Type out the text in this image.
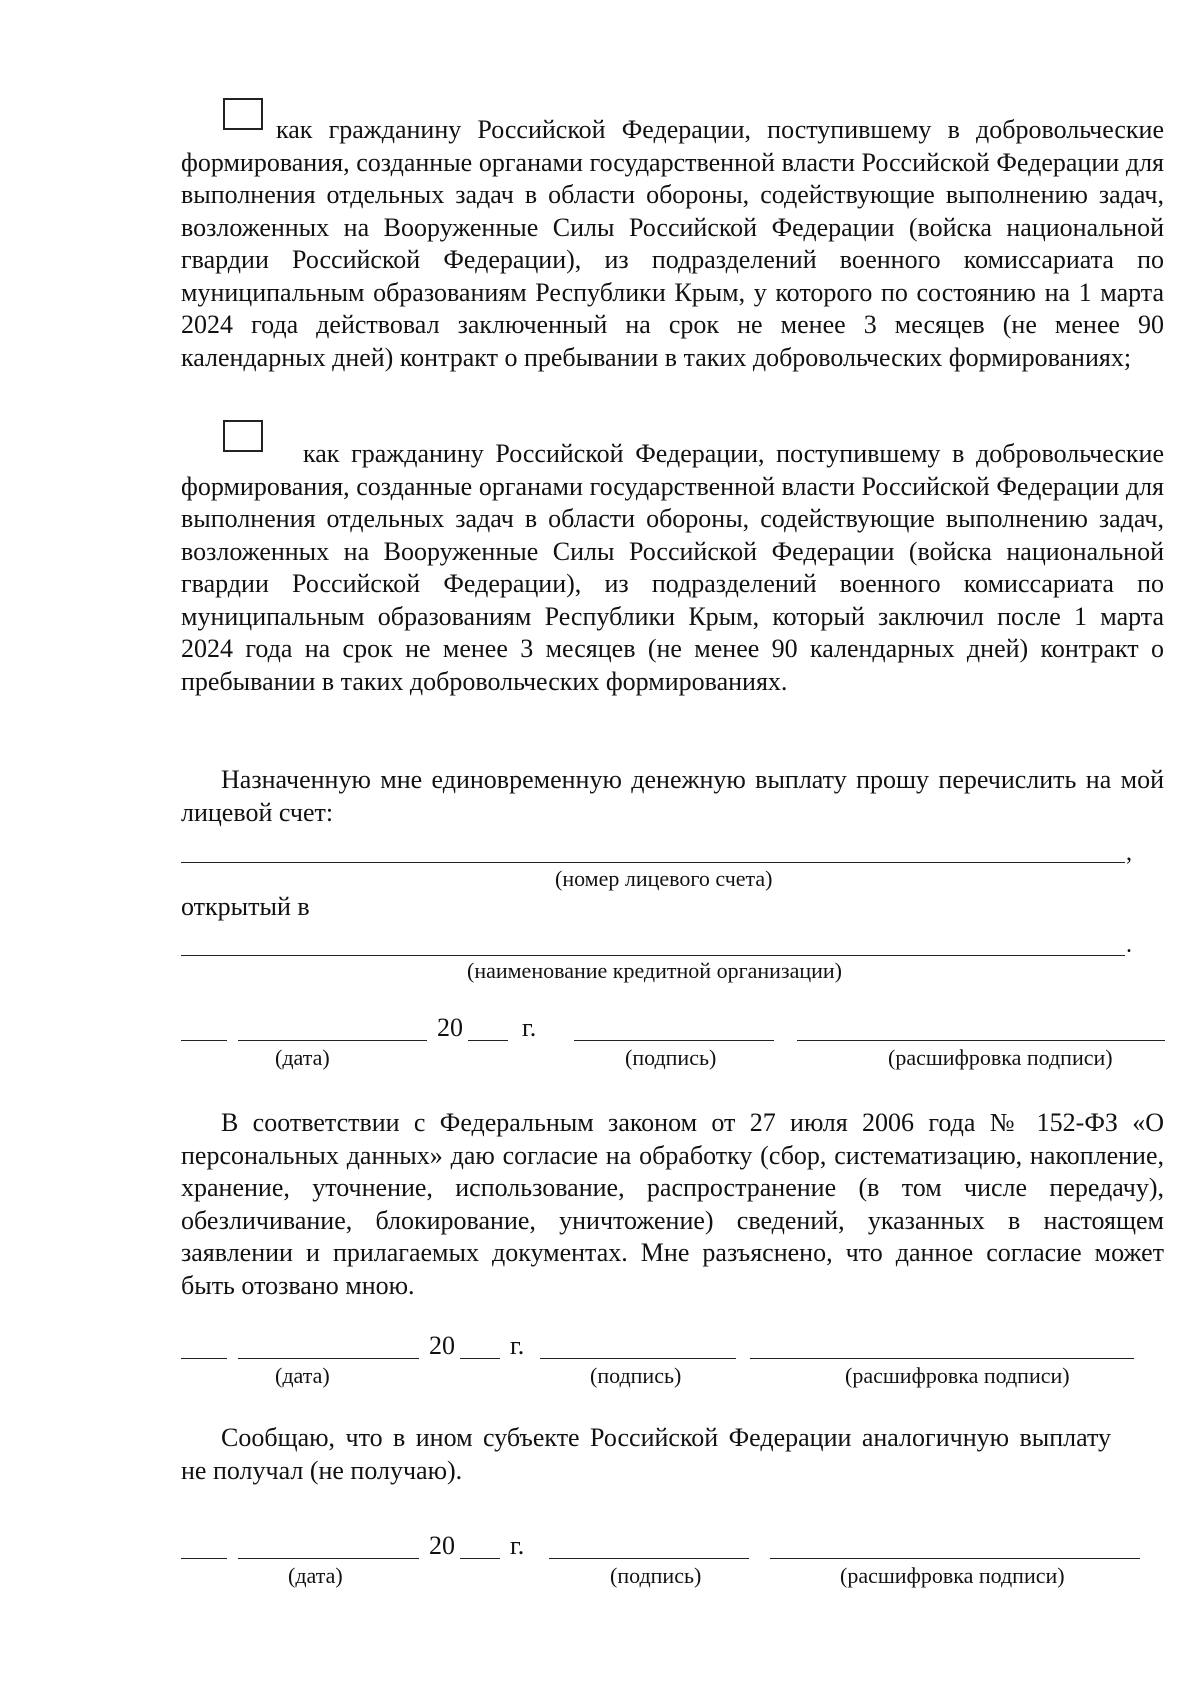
как гражданину Российской Федерации, поступившему в добровольческие формирования, созданные органами государственной власти Российской Федерации для выполнения отдельных задач в области обороны, содействующие выполнению задач, возложенных на Вооруженные Силы Российской Федерации (войска национальной гвардии Российской Федерации), из подразделений военного комиссариата по муниципальным образованиям Республики Крым, у которого по состоянию на 1 марта 2024 года действовал заключенный на срок не менее 3 месяцев (не менее 90 календарных дней) контракт о пребывании в таких добровольческих формированиях;
как гражданину Российской Федерации, поступившему в добровольческие формирования, созданные органами государственной власти Российской Федерации для выполнения отдельных задач в области обороны, содействующие выполнению задач, возложенных на Вооруженные Силы Российской Федерации (войска национальной гвардии Российской Федерации), из подразделений военного комиссариата по муниципальным образованиям Республики Крым, который заключил после 1 марта 2024 года на срок не менее 3 месяцев (не менее 90 календарных дней) контракт о пребывании в таких добровольческих формированиях.
Назначенную мне единовременную денежную выплату прошу перечислить на мой лицевой счет:
,
(номер лицевого счета)
открытый в
.
(наименование кредитной организации)
20 г.
(дата)	(подпись)	(расшифровка подписи)
В соответствии с Федеральным законом от 27 июля 2006 года № 152-ФЗ «О персональных данных» даю согласие на обработку (сбор, систематизацию, накопление, хранение, уточнение, использование, распространение (в том числе передачу), обезличивание, блокирование, уничтожение) сведений, указанных в настоящем заявлении и прилагаемых документах. Мне разъяснено, что данное согласие может быть отозвано мною.
20 г.
(дата)	(подпись)	(расшифровка подписи)
Сообщаю, что в ином субъекте Российской Федерации аналогичную выплату не получал (не получаю).
20 г.
(дата)	(подпись)	(расшифровка подписи)
